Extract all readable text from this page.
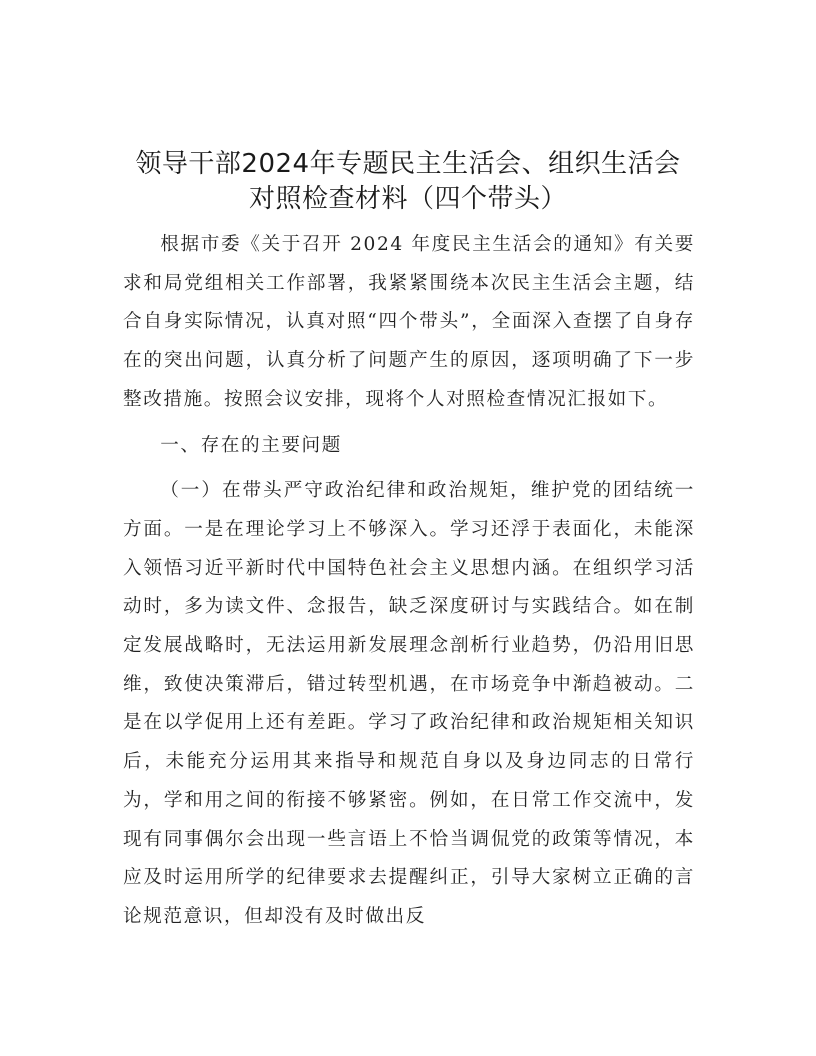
领导干部2024年专题民主生活会、组织生活会
对照检查材料（四个带头）

根据市委《关于召开 2024 年度民主生活会的通知》有关要求和局党组相关工作部署，我紧紧围绕本次民主生活会主题，结合自身实际情况，认真对照“四个带头”，全面深入查摆了自身存在的突出问题，认真分析了问题产生的原因，逐项明确了下一步整改措施。按照会议安排，现将个人对照检查情况汇报如下。

一、存在的主要问题

（一）在带头严守政治纪律和政治规矩，维护党的团结统一方面。一是在理论学习上不够深入。学习还浮于表面化，未能深入领悟习近平新时代中国特色社会主义思想内涵。在组织学习活动时，多为读文件、念报告，缺乏深度研讨与实践结合。如在制定发展战略时，无法运用新发展理念剖析行业趋势，仍沿用旧思维，致使决策滞后，错过转型机遇，在市场竞争中渐趋被动。二是在以学促用上还有差距。学习了政治纪律和政治规矩相关知识后，未能充分运用其来指导和规范自身以及身边同志的日常行为，学和用之间的衔接不够紧密。例如，在日常工作交流中，发现有同事偶尔会出现一些言语上不恰当调侃党的政策等情况，本应及时运用所学的纪律要求去提醒纠正，引导大家树立正确的言论规范意识，但却没有及时做出反
